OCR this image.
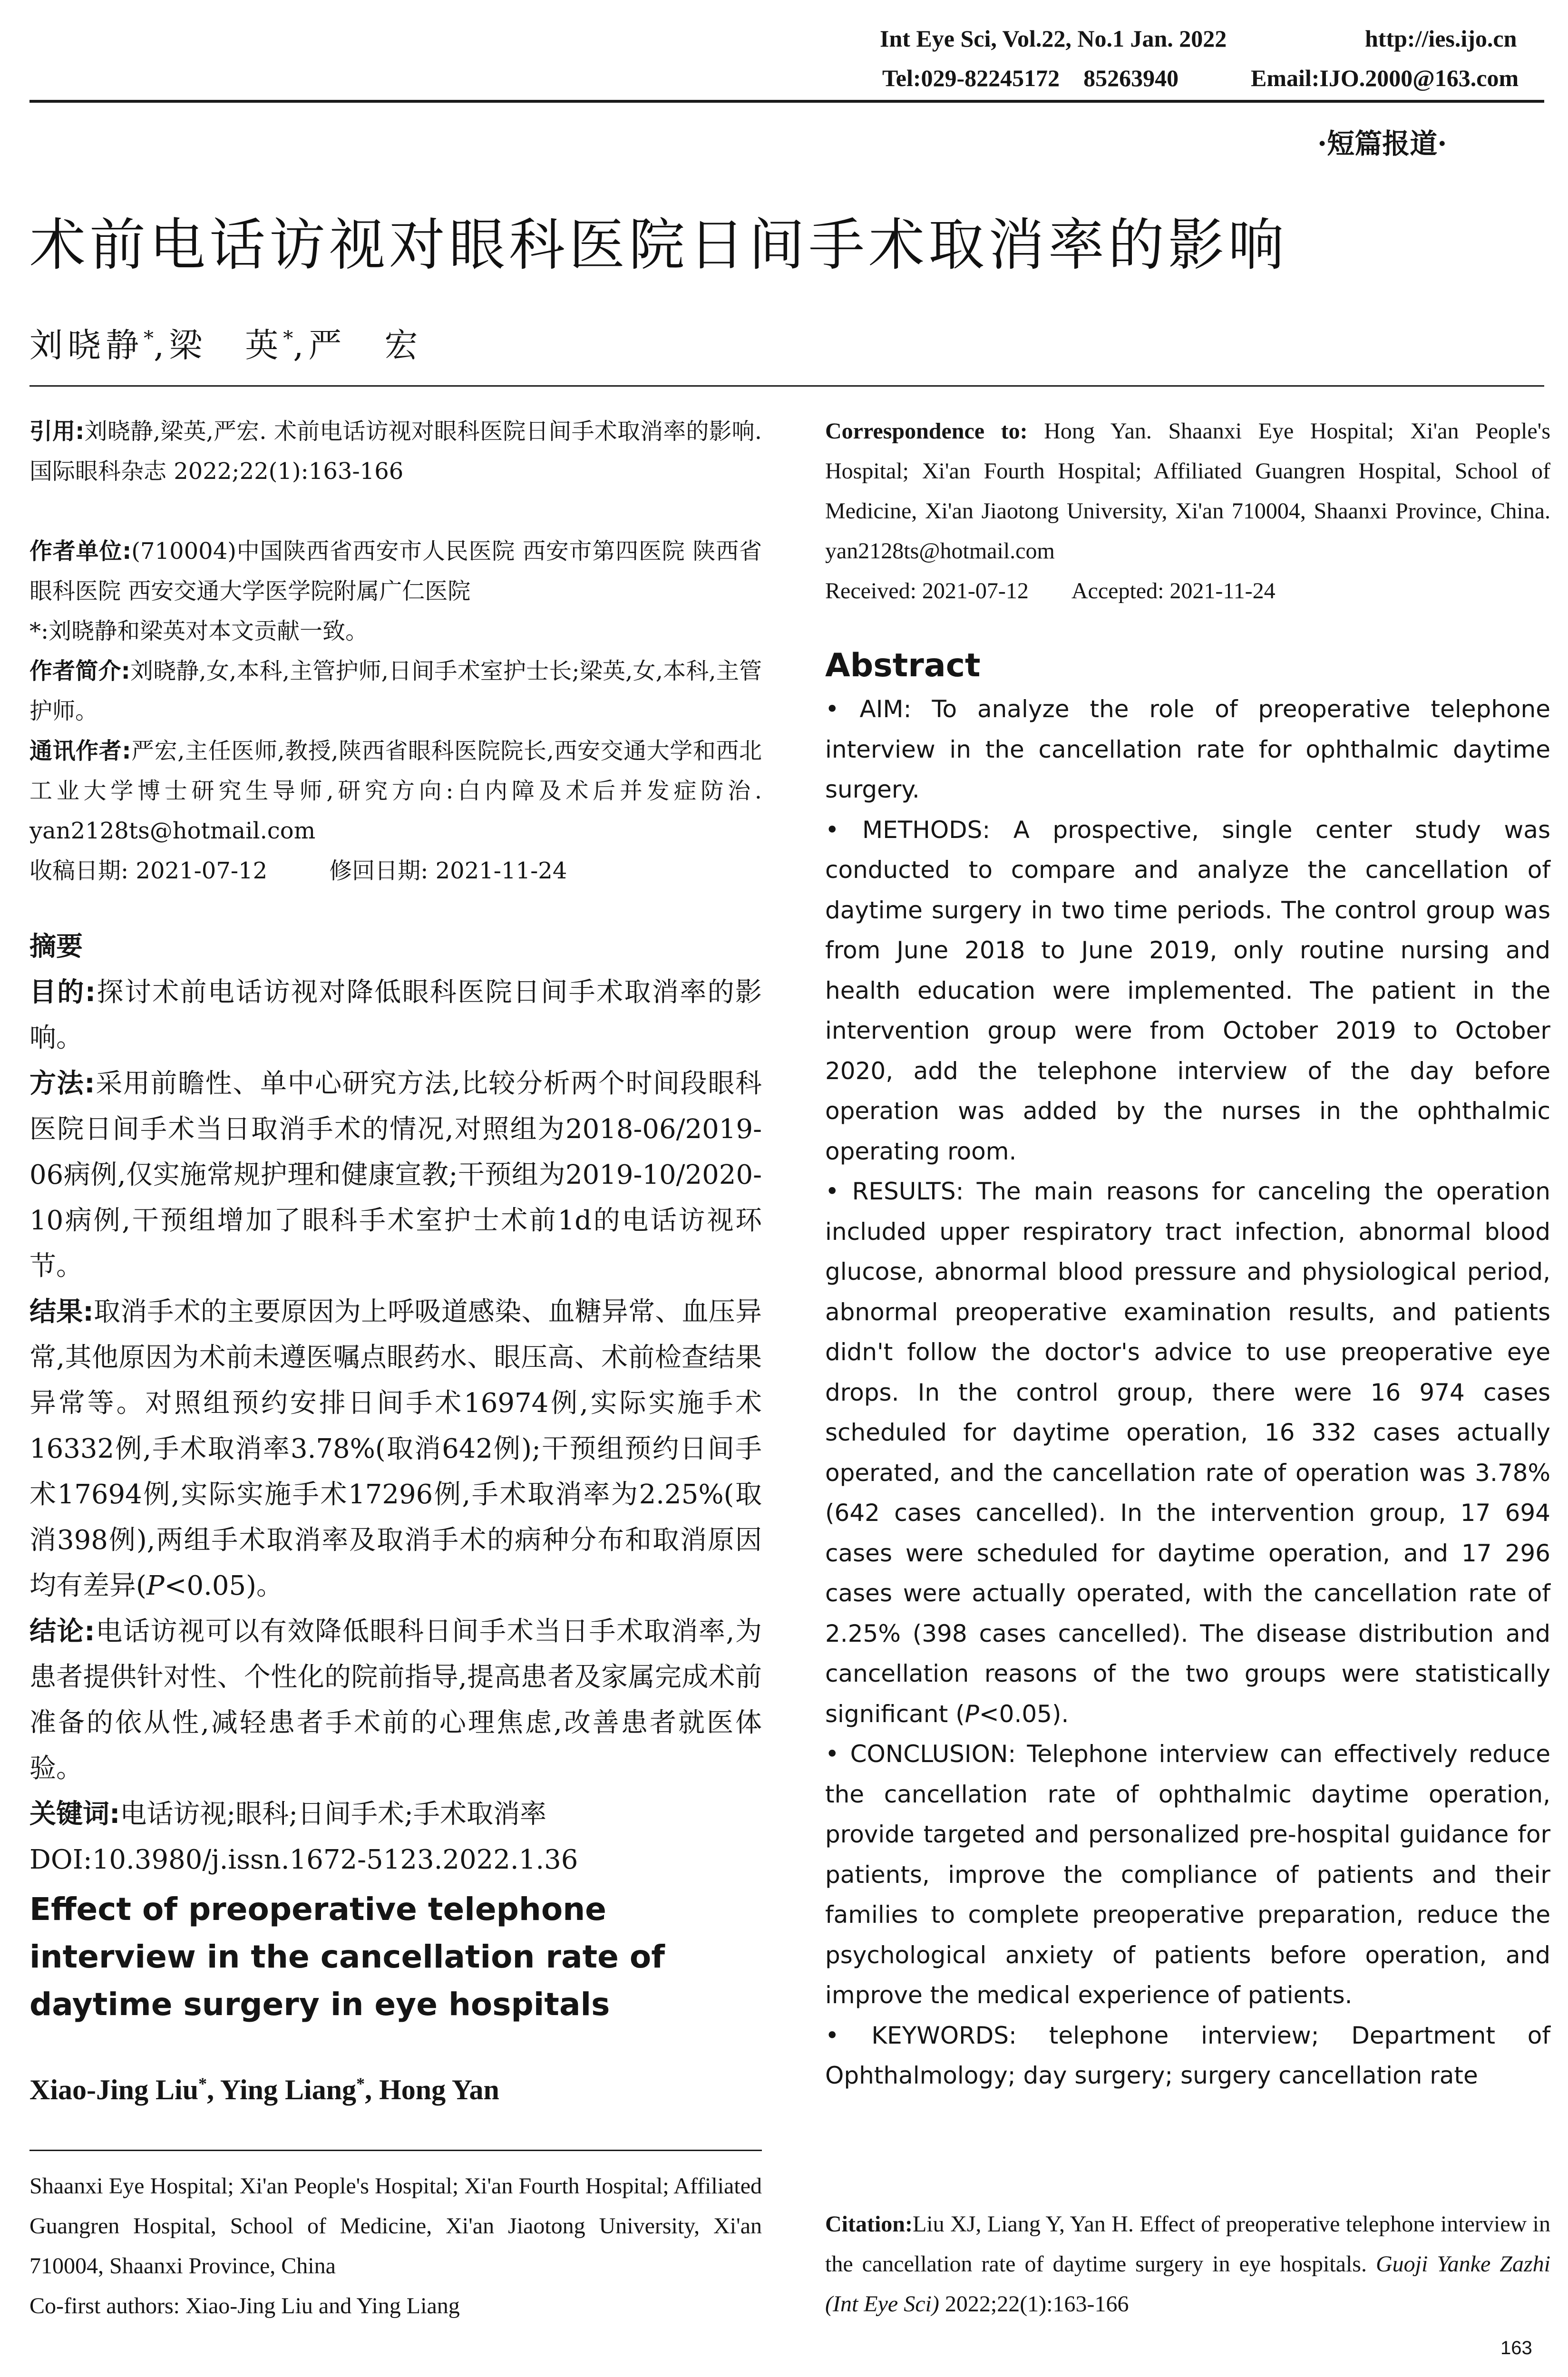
Int Eye Sci, Vol.22, No.1 Jan. 2022	http://ies.ijo.cn
Tel:029-82245172    85263940	Email:IJO.2000@163.com
·短篇报道·
术前电话访视对眼科医院日间手术取消率的影响
刘晓静*,梁　英*,严　宏

引用:刘晓静,梁英,严宏. 术前电话访视对眼科医院日间手术取消率的影响. 国际眼科杂志 2022;22(1):163-166

作者单位:(710004)中国陕西省西安市人民医院 西安市第四医院 陕西省眼科医院 西安交通大学医学院附属广仁医院

*:刘晓静和梁英对本文贡献一致。

作者简介:刘晓静,女,本科,主管护师,日间手术室护士长;梁英,女,本科,主管护师。

通讯作者:严宏,主任医师,教授,陕西省眼科医院院长,西安交通大学和西北工业大学博士研究生导师,研究方向:白内障及术后并发症防治. yan2128ts@hotmail.com

收稿日期: 2021-07-12	修回日期: 2021-11-24

摘要

目的:探讨术前电话访视对降低眼科医院日间手术取消率的影响。

方法:采用前瞻性、单中心研究方法,比较分析两个时间段眼科医院日间手术当日取消手术的情况,对照组为2018-06/2019-06病例,仅实施常规护理和健康宣教;干预组为2019-10/2020-10病例,干预组增加了眼科手术室护士术前1d的电话访视环节。

结果:取消手术的主要原因为上呼吸道感染、血糖异常、血压异常,其他原因为术前未遵医嘱点眼药水、眼压高、术前检查结果异常等。对照组预约安排日间手术16974例,实际实施手术16332例,手术取消率3.78%(取消642例);干预组预约日间手术17694例,实际实施手术17296例,手术取消率为2.25%(取消398例),两组手术取消率及取消手术的病种分布和取消原因均有差异(P<0.05)。

结论:电话访视可以有效降低眼科日间手术当日手术取消率,为患者提供针对性、个性化的院前指导,提高患者及家属完成术前准备的依从性,减轻患者手术前的心理焦虑,改善患者就医体验。

关键词:电话访视;眼科;日间手术;手术取消率

DOI:10.3980/j.issn.1672-5123.2022.1.36

Effect of preoperative telephone interview in the cancellation rate of daytime surgery in eye hospitals

Xiao-Jing Liu*, Ying Liang*, Hong Yan

Shaanxi Eye Hospital; Xi'an People's Hospital; Xi'an Fourth Hospital; Affiliated Guangren Hospital, School of Medicine, Xi'an Jiaotong University, Xi'an 710004, Shaanxi Province, China

Co-first authors: Xiao-Jing Liu and Ying Liang

Correspondence to: Hong Yan. Shaanxi Eye Hospital; Xi'an People's Hospital; Xi'an Fourth Hospital; Affiliated Guangren Hospital, School of Medicine, Xi'an Jiaotong University, Xi'an 710004, Shaanxi Province, China. yan2128ts@hotmail.com

Received: 2021-07-12 Accepted: 2021-11-24

Abstract

• AIM: To analyze the role of preoperative telephone interview in the cancellation rate for ophthalmic daytime surgery.

• METHODS: A prospective, single center study was conducted to compare and analyze the cancellation of daytime surgery in two time periods. The control group was from June 2018 to June 2019, only routine nursing and health education were implemented. The patient in the intervention group were from October 2019 to October 2020, add the telephone interview of the day before operation was added by the nurses in the ophthalmic operating room.

• RESULTS: The main reasons for canceling the operation included upper respiratory tract infection, abnormal blood glucose, abnormal blood pressure and physiological period, abnormal preoperative examination results, and patients didn't follow the doctor's advice to use preoperative eye drops. In the control group, there were 16 974 cases scheduled for daytime operation, 16 332 cases actually operated, and the cancellation rate of operation was 3.78% (642 cases cancelled). In the intervention group, 17 694 cases were scheduled for daytime operation, and 17 296 cases were actually operated, with the cancellation rate of 2.25% (398 cases cancelled). The disease distribution and cancellation reasons of the two groups were statistically significant (P<0.05).

• CONCLUSION: Telephone interview can effectively reduce the cancellation rate of ophthalmic daytime operation, provide targeted and personalized pre-hospital guidance for patients, improve the compliance of patients and their families to complete preoperative preparation, reduce the psychological anxiety of patients before operation, and improve the medical experience of patients.

• KEYWORDS: telephone interview; Department of Ophthalmology; day surgery; surgery cancellation rate

Citation:Liu XJ, Liang Y, Yan H. Effect of preoperative telephone interview in the cancellation rate of daytime surgery in eye hospitals. Guoji Yanke Zazhi (Int Eye Sci) 2022;22(1):163-166

163
